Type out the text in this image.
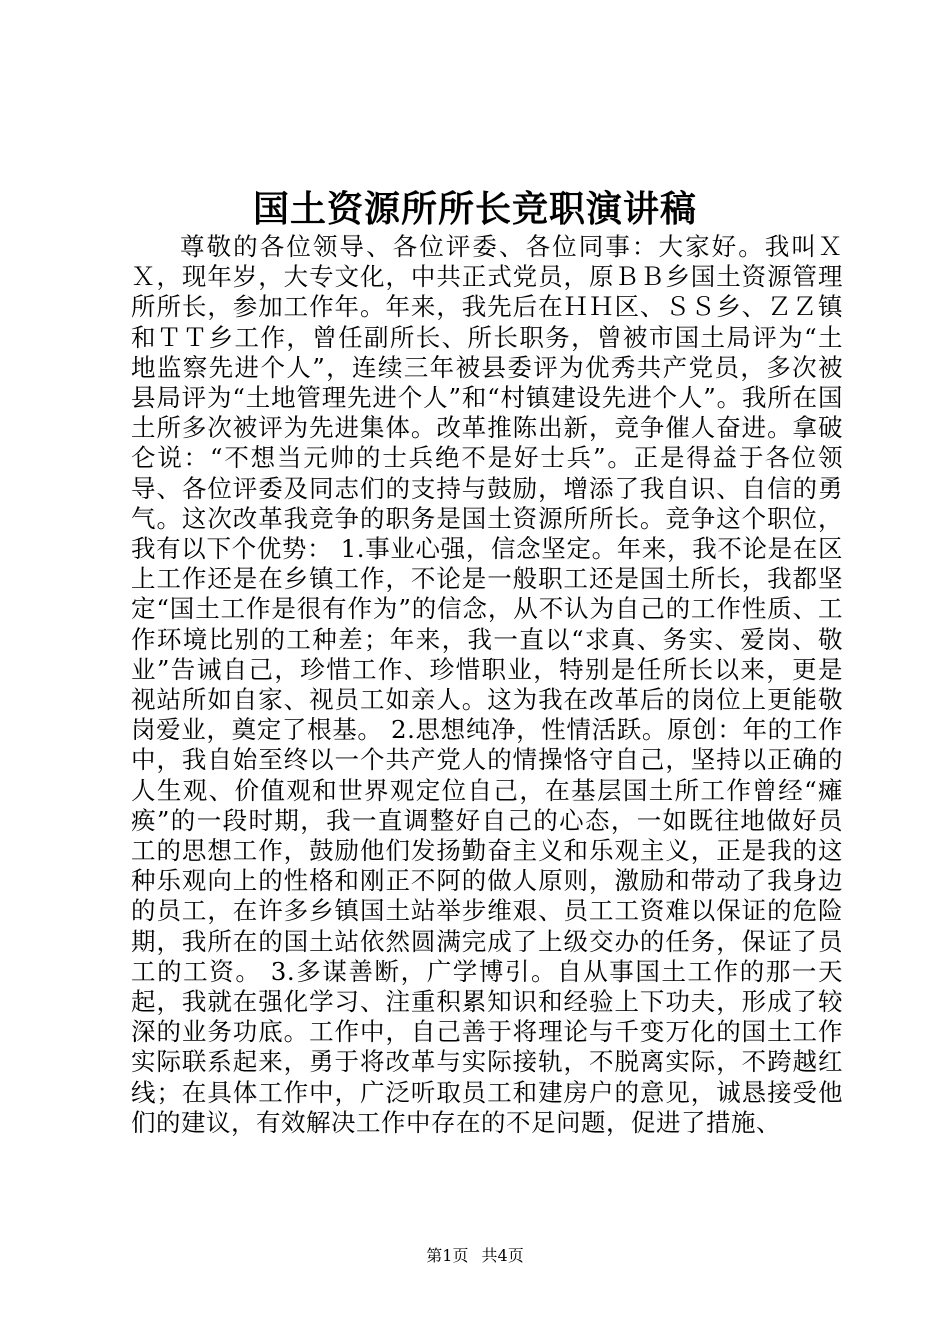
国土资源所所长竞职演讲稿

尊敬的各位领导、各位评委、各位同事：大家好。我叫ＸＸ，现年岁，大专文化，中共正式党员，原ＢＢ乡国土资源管理所所长，参加工作年。年来，我先后在ＨＨ区、ＳＳ乡、ＺＺ镇和ＴＴ乡工作，曾任副所长、所长职务，曾被市国土局评为“土地监察先进个人”，连续三年被县委评为优秀共产党员，多次被县局评为“土地管理先进个人”和“村镇建设先进个人”。我所在国土所多次被评为先进集体。改革推陈出新，竞争催人奋进。拿破仑说：“不想当元帅的士兵绝不是好士兵”。正是得益于各位领导、各位评委及同志们的支持与鼓励，增添了我自识、自信的勇气。这次改革我竞争的职务是国土资源所所长。竞争这个职位，我有以下个优势： 1.事业心强，信念坚定。年来，我不论是在区上工作还是在乡镇工作，不论是一般职工还是国土所长，我都坚定“国土工作是很有作为”的信念，从不认为自己的工作性质、工作环境比别的工种差；年来，我一直以“求真、务实、爱岗、敬业”告诫自己，珍惜工作、珍惜职业，特别是任所长以来，更是视站所如自家、视员工如亲人。这为我在改革后的岗位上更能敬岗爱业，奠定了根基。 2.思想纯净，性情活跃。原创：年的工作中，我自始至终以一个共产党人的情操恪守自己，坚持以正确的人生观、价值观和世界观定位自己，在基层国土所工作曾经“瘫痪”的一段时期，我一直调整好自己的心态，一如既往地做好员工的思想工作，鼓励他们发扬勤奋主义和乐观主义，正是我的这种乐观向上的性格和刚正不阿的做人原则，激励和带动了我身边的员工，在许多乡镇国土站举步维艰、员工工资难以保证的危险期，我所在的国土站依然圆满完成了上级交办的任务，保证了员工的工资。 3.多谋善断，广学博引。自从事国土工作的那一天起，我就在强化学习、注重积累知识和经验上下功夫，形成了较深的业务功底。工作中，自己善于将理论与千变万化的国土工作实际联系起来，勇于将改革与实际接轨，不脱离实际，不跨越红线；在具体工作中，广泛听取员工和建房户的意见，诚恳接受他们的建议，有效解决工作中存在的不足问题，促进了措施、

第1页 共4页
